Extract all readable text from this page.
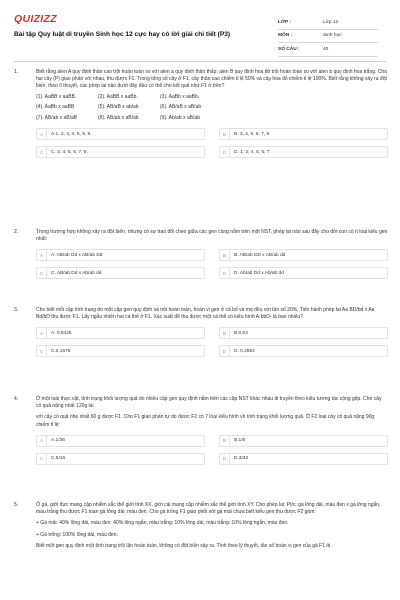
QUIZIZZ
Bài tập Quy luật di truyền Sinh học 12 cực hay có lời giải chi tiết (P3)
LỚP :	Lớp 12
MÔN :	Sinh học
SỐ CÂU :	40
1.	Biết rằng alen A quy định thân cao trội hoàn toàn so với alen a quy định thân thấp; alen B quy định hoa đỏ trội hoàn toàn so với alen b quy định hoa trắng. Cho hai cây (P) giao phấn với nhau, thu được F1. Trong tổng số cây ở F1, cây thân cao chiếm tỉ lệ 50% và cây hoa đỏ chiếm tỉ lệ 100%. Biết rằng không xảy ra đột biến, theo lí thuyết, các phép lai nào dưới đây đều có thể cho kết quả như F1 ở trên?

(1). AaBB x aaBB.	(2). AaBB x aaBb.	(3). AaBb x aaBb.
(4). AaBb x aaBB	(5). AB/aB x ab/ab	(6). AB/aB x aB/ab
(7). AB/ab x aB/aB	(8). AB/ab x aB/ab	(9). Ab/ab x aB/ab
A	A.1, 2, 3, 4, 5, 8, 9.	B	B. 3, 4, 5, 6, 7, 8.
C	C. 3, 4, 5, 6, 7, 8.	D	D. 1, 2, 4, 5, 6, 7.
2.	Trong trường hợp không xảy ra đột biến, nhưng có sự trao đổi chéo giữa các gen cùng nằm trên một NST, phép lai nào sau đây cho đời con có ít loại kiểu gen nhất:

A	A. AB/ab Dd x AB/ab Dd	B	B. AB/ab DD x AB/ab dd
C	C. AB/ab Dd x Ab/ab dd	D	D. Ab/ab Dd x Ab/ab dd
3.	Cho biết mỗi cặp tính trạng do một cặp gen quy định và trội hoàn toàn, hoán vị gen ở cả bố và mẹ đều với tần số 20%. Tiến hành phép lai Aa BD/bd x Aa Bd/bD thu được F1. Lấy ngẫu nhiên hai cá thể ở F1. Xác suất để thu được một cá thể có kiểu hình A-bbD- là bao nhiêu?

A	A. 0,8425	B	B.0,04
C	C.0,1575	D	D. 0,2654
4.	Ở một loài thực vật, tính trạng khối lượng quả do nhiều cặp gen quy định nằm trên các cặp NST khác nhau di truyền theo kiểu tương tác cộng gộp. Cho cây có quả nặng nhất 120g lai

với cây có quả nhẹ nhất 60 g được F1. Cho F1 giao phấn tự do được F2 có 7 loại kiểu hình về tính trạng khối lượng quả. Ở F2 loại cây có quả nặng 90g chiếm tỉ lệ:

A	A.1/36	B	B.1/6
C	C.5/16	D	D.3/32
5.	Ở gà, giới đực mang cặp nhiễm sắc thể giới tính XX, giới cái mang cặp nhiễm sắc thể giới tính XY. Cho phép lai: Pt/c: gà lông dài, màu đen x gà lông ngắn, màu trắng thu được F1 toàn gà lông dài, màu đen. Cho gà trống F1 giao phối với gà mái chưa biết kiểu gen thu được F2 gồm:

+ Gà mái: 40% lông dài, màu đen: 40% lông ngắn, màu trắng: 10% lông dài, màu trắng: 10% lông ngắn, màu đen.

+ Gà trống: 100% lông dài, màu đen.

Biết một gen quy định một tính trạng trội lặn hoàn toàn, không có đột biến xảy ra. Tính theo lý thuyết, tần số hoán vị gen của gà F1 là
